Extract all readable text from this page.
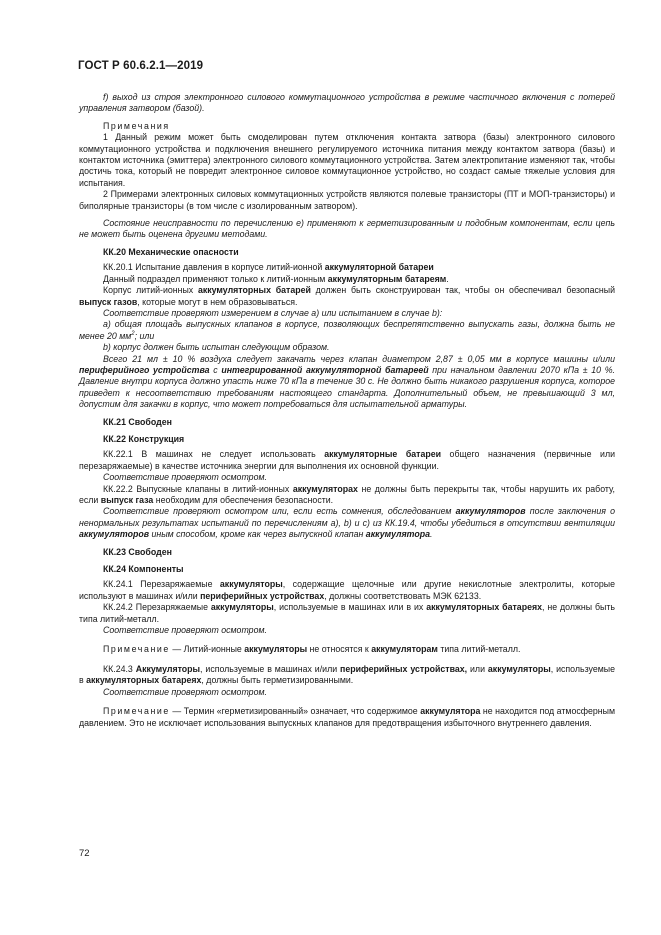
ГОСТ Р 60.6.2.1—2019

f) выход из строя электронного силового коммутационного устройства в режиме частичного включения с потерей управления затвором (базой).

Примечания

1 Данный режим может быть смоделирован путем отключения контакта затвора (базы) электронного силового коммутационного устройства и подключения внешнего регулируемого источника питания между контактом затвора (базы) и контактом источника (эмиттера) электронного силового коммутационного устройства. Затем электропитание изменяют так, чтобы достичь тока, который не повредит электронное силовое коммутационное устройство, но создаст самые тяжелые условия для испытания.

2 Примерами электронных силовых коммутационных устройств являются полевые транзисторы (ПТ и МОП-транзисторы) и биполярные транзисторы (в том числе с изолированным затвором).

Состояние неисправности по перечислению e) применяют к герметизированным и подобным компонентам, если цепь не может быть оценена другими методами.

КК.20 Механические опасности

КК.20.1 Испытание давления в корпусе литий-ионной аккумуляторной батареи

Данный подраздел применяют только к литий-ионным аккумуляторным батареям.

Корпус литий-ионных аккумуляторных батарей должен быть сконструирован так, чтобы он обеспечивал безопасный выпуск газов, которые могут в нем образовываться.

Соответствие проверяют измерением в случае a) или испытанием в случае b):

a) общая площадь выпускных клапанов в корпусе, позволяющих беспрепятственно выпускать газы, должна быть не менее 20 $мм^2$; или

b) корпус должен быть испытан следующим образом.

Всего 21 мл ± 10 % воздуха следует закачать через клапан диаметром 2,87 ± 0,05 мм в корпусе машины и/или периферийного устройства с интегрированной аккумуляторной батареей при начальном давлении 2070 кПа ± 10 %. Давление внутри корпуса должно упасть ниже 70 кПа в течение 30 с. Не должно быть никакого разрушения корпуса, которое приведет к несоответствию требованиям настоящего стандарта. Дополнительный объем, не превышающий 3 мл, допустим для закачки в корпус, что может потребоваться для испытательной арматуры.

КК.21 Свободен

КК.22 Конструкция

КК.22.1 В машинах не следует использовать аккумуляторные батареи общего назначения (первичные или перезаряжаемые) в качестве источника энергии для выполнения их основной функции.

Соответствие проверяют осмотром.

КК.22.2 Выпускные клапаны в литий-ионных аккумуляторах не должны быть перекрыты так, чтобы нарушить их работу, если выпуск газа необходим для обеспечения безопасности.

Соответствие проверяют осмотром или, если есть сомнения, обследованием аккумуляторов после заключения о ненормальных результатах испытаний по перечислениям a), b) и c) из КК.19.4, чтобы убедиться в отсутствии вентиляции аккумуляторов иным способом, кроме как через выпускной клапан аккумулятора.

КК.23 Свободен

КК.24 Компоненты

КК.24.1 Перезаряжаемые аккумуляторы, содержащие щелочные или другие некислотные электролиты, которые используют в машинах и/или периферийных устройствах, должны соответствовать МЭК 62133.

КК.24.2 Перезаряжаемые аккумуляторы, используемые в машинах или в их аккумуляторных батареях, не должны быть типа литий-металл.

Соответствие проверяют осмотром.

Примечание — Литий-ионные аккумуляторы не относятся к аккумуляторам типа литий-металл.

КК.24.3 Аккумуляторы, используемые в машинах и/или периферийных устройствах, или аккумуляторы, используемые в аккумуляторных батареях, должны быть герметизированными.

Соответствие проверяют осмотром.

Примечание — Термин «герметизированный» означает, что содержимое аккумулятора не находится под атмосферным давлением. Это не исключает использования выпускных клапанов для предотвращения избыточного внутреннего давления.

72
